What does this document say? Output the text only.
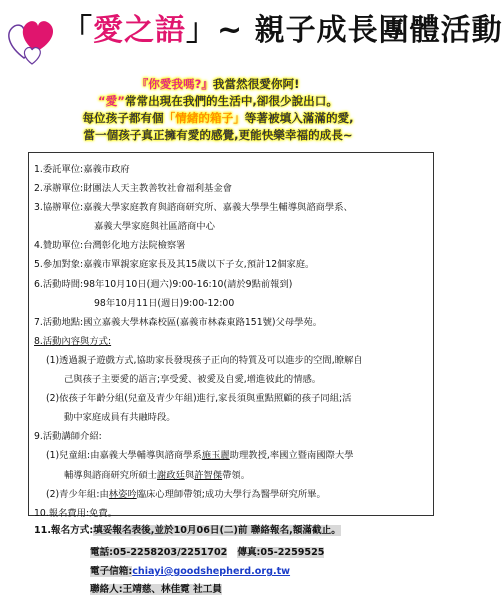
「愛之語」~ 親子成長團體活動
『你愛我嗎?』我當然很愛你阿!
“愛”常常出現在我們的生活中,卻很少說出口。
每位孩子都有個「情緒的箱子」等著被填入滿滿的愛,
當一個孩子真正擁有愛的感覺,更能快樂幸福的成長~
1.委託單位:嘉義市政府
2.承辦單位:財團法人天主教善牧社會福利基金會
3.協辦單位:嘉義大學家庭教育與諮商研究所、嘉義大學學生輔導與諮商學系、
嘉義大學家庭與社區諮商中心
4.贊助單位:台灣彰化地方法院檢察署
5.參加對象:嘉義市單親家庭家長及其15歲以下子女,預計12個家庭。
6.活動時間:98年10月10日(週六)9:00-16:10(請於9點前報到)
98年10月11日(週日)9:00-12:00
7.活動地點:國立嘉義大學林森校區(嘉義市林森東路151號)父母學苑。
8.活動內容與方式:
(1)透過親子遊戲方式,協助家長發現孩子正向的特質及可以進步的空間,瞭解自
己與孩子主要愛的語言;享受愛、被愛及自愛,增進彼此的情感。
(2)依孩子年齡分組(兒童及青少年組)進行,家長須與重點照顧的孩子同組;活
動中家庭成員有共融時段。
9.活動講師介紹:
(1)兒童組:由嘉義大學輔導與諮商學系施玉麗助理教授,率國立暨南國際大學
輔導與諮商研究所碩士謝政廷與許智傑帶領。
(2)青少年組:由林姿吟臨床心理師帶領;成功大學行為醫學研究所畢。
10.報名費用:免費。
11.報名方式:填妥報名表後,並於10月06日(二)前 聯絡報名,額滿截止。
電話:05-2258203/2251702 傳真:05-2259525
電子信箱:chiayi@goodshepherd.org.tw
聯絡人:王靖慈、林佳霓 社工員
